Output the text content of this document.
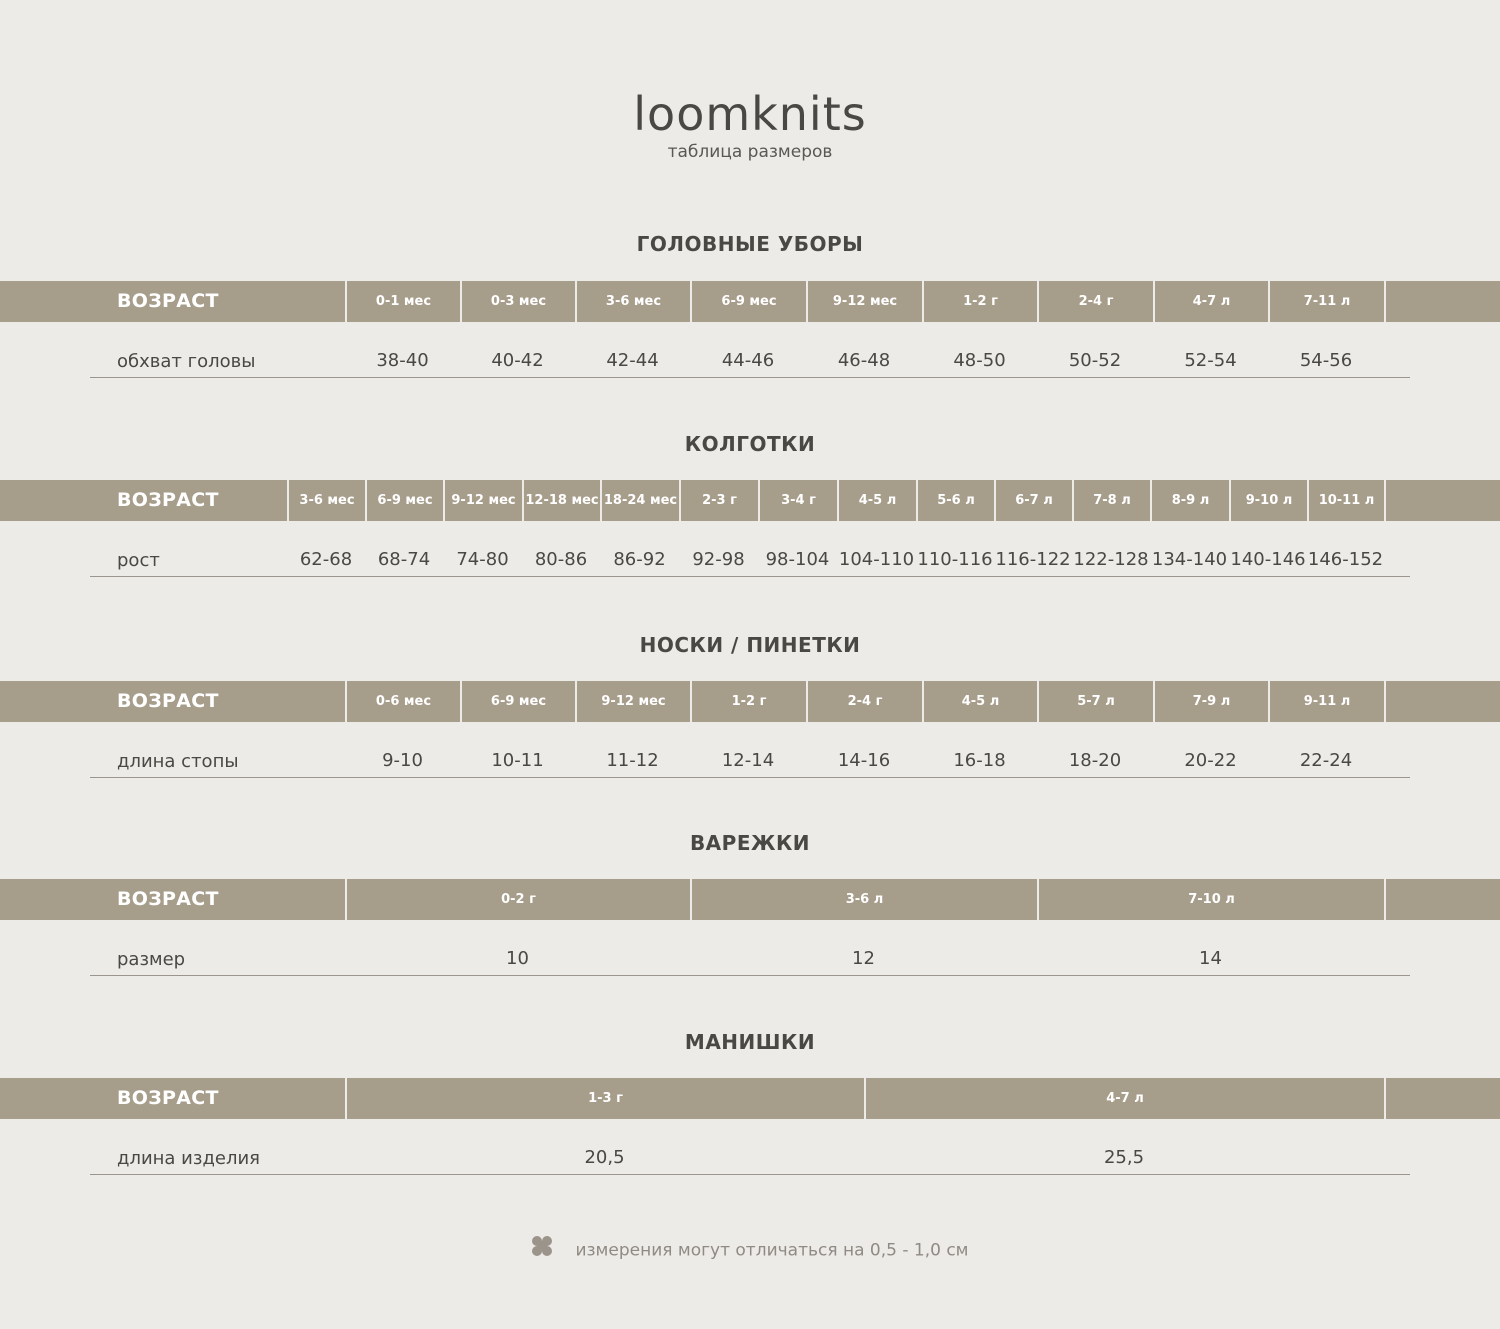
loomknits
таблица размеров
ГОЛОВНЫЕ УБОРЫ
ВОЗРАСТ	0-1 мес	0-3 мес	3-6 мес	6-9 мес	9-12 мес	1-2 г	2-4 г	4-7 л	7-11 л
обхват головы	38-40	40-42	42-44	44-46	46-48	48-50	50-52	52-54	54-56
КОЛГОТКИ
ВОЗРАСТ	3-6 мес	6-9 мес	9-12 мес 12-18 мес 18-24 мес	2-3 г	3-4 г	4-5 л	5-6 л	6-7 л	7-8 л	8-9 л	9-10 л	10-11 л
рост	62-68	68-74	74-80	80-86	86-92	92-98	98-104 104-110 110-116 116-122 122-128 134-140 140-146 146-152
НОСКИ / ПИНЕТКИ
ВОЗРАСТ	0-6 мес	6-9 мес	9-12 мес	1-2 г	2-4 г	4-5 л	5-7 л	7-9 л	9-11 л
длина стопы	9-10	10-11	11-12	12-14	14-16	16-18	18-20	20-22	22-24
ВАРЕЖКИ
ВОЗРАСТ	0-2 г	3-6 л	7-10 л
размер	10	12	14
МАНИШКИ
ВОЗРАСТ	1-3 г	4-7 л
длина изделия	20,5	25,5
измерения могут отличаться на 0,5 - 1,0 см
